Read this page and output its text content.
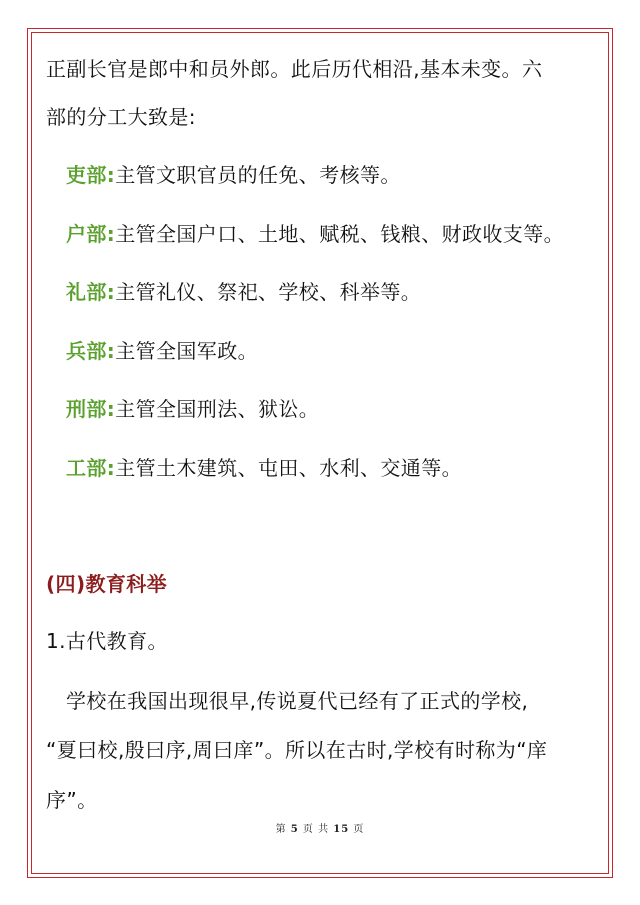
正副长官是郎中和员外郎。此后历代相沿,基本未变。六
部的分工大致是:
吏部:主管文职官员的任免、考核等。
户部:主管全国户口、土地、赋税、钱粮、财政收支等。
礼部:主管礼仪、祭祀、学校、科举等。
兵部:主管全国军政。
刑部:主管全国刑法、狱讼。
工部:主管土木建筑、屯田、水利、交通等。
(四)教育科举
1.古代教育。
学校在我国出现很早,传说夏代已经有了正式的学校,
“夏曰校,殷曰序,周曰庠”。所以在古时,学校有时称为“庠
序”。
第 5 页 共 15 页
